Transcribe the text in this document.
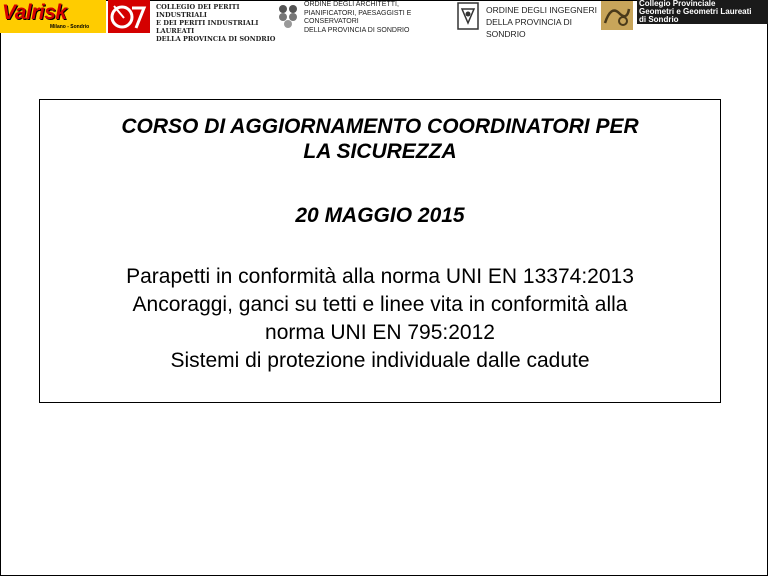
Valrisk
Milano - Sondrio
COLLEGIO DEI PERITI INDUSTRIALI
E DEI PERITI INDUSTRIALI LAUREATI
DELLA PROVINCIA DI SONDRIO
ORDINE DEGLI ARCHITETTI,
PIANIFICATORI, PAESAGGISTI E CONSERVATORI
DELLA PROVINCIA DI SONDRIO
ORDINE DEGLI INGEGNERI
DELLA PROVINCIA DI SONDRIO
Collegio Provinciale
Geometri e Geometri Laureati
di Sondrio
CORSO DI AGGIORNAMENTO COORDINATORI PER
LA SICUREZZA
20 MAGGIO 2015
Parapetti in conformità alla norma UNI EN 13374:2013
Ancoraggi, ganci su tetti e linee vita in conformità alla
norma UNI EN 795:2012
Sistemi di protezione individuale dalle cadute
